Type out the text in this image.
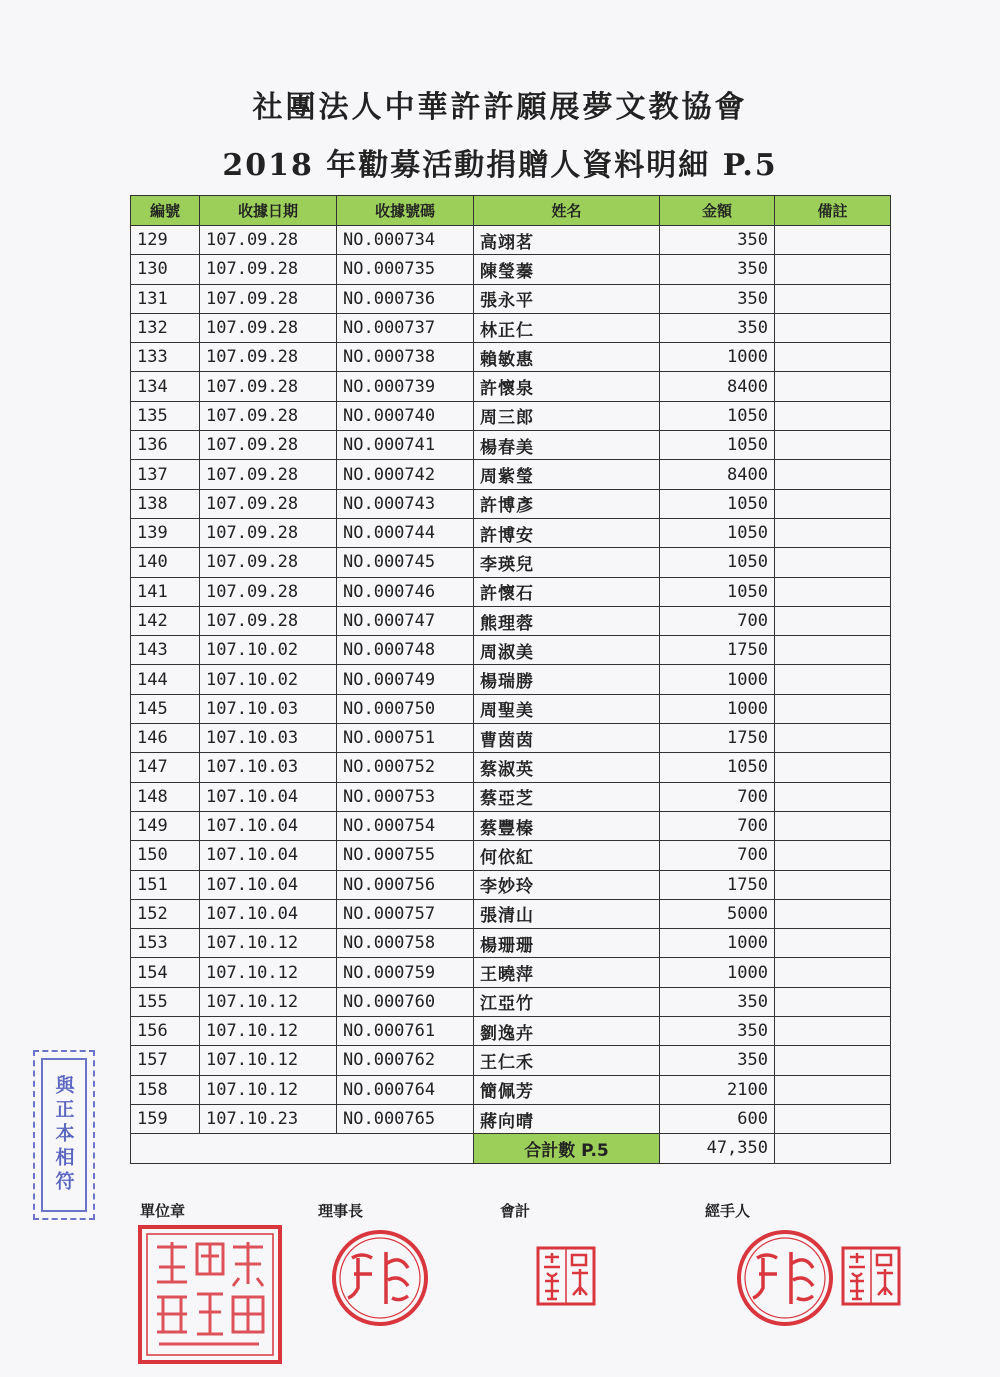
社團法人中華許許願展夢文教協會
2018 年勸募活動捐贈人資料明細 P.5
編號	收據日期	收據號碼	姓名	金額	備註
129	107.09.28	NO.000734	高翊茗	350	
130	107.09.28	NO.000735	陳瑩蓁	350	
131	107.09.28	NO.000736	張永平	350	
132	107.09.28	NO.000737	林正仁	350	
133	107.09.28	NO.000738	賴敏惠	1000	
134	107.09.28	NO.000739	許懷泉	8400	
135	107.09.28	NO.000740	周三郎	1050	
136	107.09.28	NO.000741	楊春美	1050	
137	107.09.28	NO.000742	周紫瑩	8400	
138	107.09.28	NO.000743	許博彥	1050	
139	107.09.28	NO.000744	許博安	1050	
140	107.09.28	NO.000745	李瑛兒	1050	
141	107.09.28	NO.000746	許懷石	1050	
142	107.09.28	NO.000747	熊理蓉	700	
143	107.10.02	NO.000748	周淑美	1750	
144	107.10.02	NO.000749	楊瑞勝	1000	
145	107.10.03	NO.000750	周聖美	1000	
146	107.10.03	NO.000751	曹茵茵	1750	
147	107.10.03	NO.000752	蔡淑英	1050	
148	107.10.04	NO.000753	蔡亞芝	700	
149	107.10.04	NO.000754	蔡豐榛	700	
150	107.10.04	NO.000755	何依紅	700	
151	107.10.04	NO.000756	李妙玲	1750	
152	107.10.04	NO.000757	張清山	5000	
153	107.10.12	NO.000758	楊珊珊	1000	
154	107.10.12	NO.000759	王曉萍	1000	
155	107.10.12	NO.000760	江亞竹	350	
156	107.10.12	NO.000761	劉逸卉	350	
157	107.10.12	NO.000762	王仁禾	350	
158	107.10.12	NO.000764	簡佩芳	2100	
159	107.10.23	NO.000765	蔣向晴	600	
			合計數 P.5	47,350	
單位章	理事長	會計	經手人
與正本相符
